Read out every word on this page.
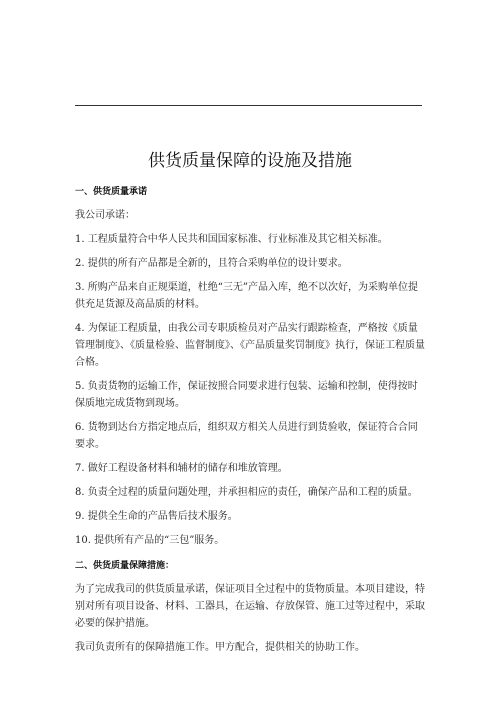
供货质量保障的设施及措施
一、供货质量承诺
我公司承诺：
1. 工程质量符合中华人民共和国国家标准、行业标准及其它相关标准。
2. 提供的所有产品都是全新的，且符合采购单位的设计要求。
3. 所购产品来自正规渠道，杜绝“三无”产品入库，绝不以次好，为采购单位提供充足货源及高品质的材料。
4. 为保证工程质量，由我公司专职质检员对产品实行跟踪检查，严格按《质量管理制度》、《质量检验、监督制度》、《产品质量奖罚制度》执行，保证工程质量合格。
5. 负责货物的运输工作，保证按照合同要求进行包装、运输和控制，使得按时保质地完成货物到现场。
6. 货物到达台方指定地点后，组织双方相关人员进行到货验收，保证符合合同要求。
7. 做好工程设备材料和辅材的储存和堆放管理。
8. 负责全过程的质量问题处理，并承担相应的责任，确保产品和工程的质量。
9. 提供全生命的产品售后技术服务。
10. 提供所有产品的“三包”服务。
二、供货质量保障措施：
为了完成我司的供货质量承诺，保证项目全过程中的货物质量。本项目建设，特别对所有项目设备、材料、工器具，在运输、存放保管、施工过等过程中，采取必要的保护措施。
我司负责所有的保障措施工作。甲方配合，提供相关的协助工作。
